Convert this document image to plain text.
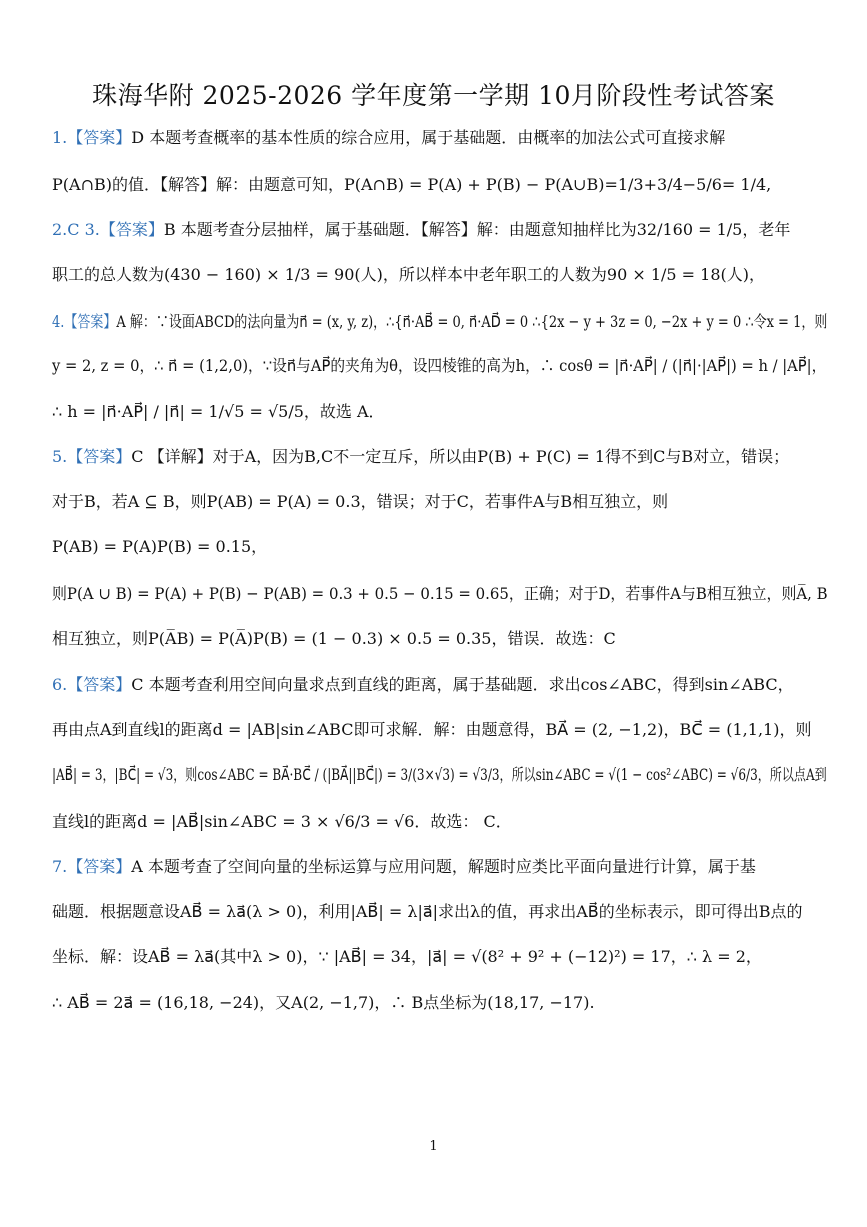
珠海华附 2025-2026 学年度第一学期 10月阶段性考试答案
1.【答案】D 本题考查概率的基本性质的综合应用，属于基础题．由概率的加法公式可直接求解
P(A∩B)的值．【解答】解：由题意可知，P(A∩B) = P(A) + P(B) − P(A∪B)=1/3+3/4−5/6= 1/4,
2.C 3.【答案】B 本题考查分层抽样，属于基础题．【解答】解：由题意知抽样比为32/160 = 1/5，老年
职工的总人数为(430 − 160) × 1/3 = 90(人)，所以样本中老年职工的人数为90 × 1/5 = 18(人)，
4.【答案】A 解：∵设面ABCD的法向量为n⃗ = (x, y, z)，∴{n⃗·AB⃗ = 0, n⃗·AD⃗ = 0 ∴{2x − y + 3z = 0, −2x + y = 0 ∴令x = 1，则
y = 2, z = 0，∴ n⃗ = (1,2,0)，∵设n⃗与AP⃗的夹角为θ，设四棱锥的高为h，∴ cosθ = |n⃗·AP⃗| / (|n⃗|·|AP⃗|) = h / |AP⃗|，
∴ h = |n⃗·AP⃗| / |n⃗| = 1/√5 = √5/5，故选 A．
5.【答案】C 【详解】对于A，因为B,C不一定互斥，所以由P(B) + P(C) = 1得不到C与B对立，错误；
对于B，若A ⊆ B，则P(AB) = P(A) = 0.3，错误；对于C，若事件A与B相互独立，则
P(AB) = P(A)P(B) = 0.15，
则P(A ∪ B) = P(A) + P(B) − P(AB) = 0.3 + 0.5 − 0.15 = 0.65，正确；对于D，若事件A与B相互独立，则A̅, B
相互独立，则P(A̅B) = P(A̅)P(B) = (1 − 0.3) × 0.5 = 0.35，错误．故选：C
6.【答案】C 本题考查利用空间向量求点到直线的距离，属于基础题．求出cos∠ABC，得到sin∠ABC，
再由点A到直线l的距离d = |AB|sin∠ABC即可求解．解：由题意得，BA⃗ = (2, −1,2)，BC⃗ = (1,1,1)，则
|AB⃗| = 3，|BC⃗| = √3，则cos∠ABC = BA⃗·BC⃗ / (|BA⃗||BC⃗|) = 3/(3×√3) = √3/3，所以sin∠ABC = √(1 − cos²∠ABC) = √6/3，所以点A到
直线l的距离d = |AB⃗|sin∠ABC = 3 × √6/3 = √6．故选： C．
7.【答案】A 本题考查了空间向量的坐标运算与应用问题，解题时应类比平面向量进行计算，属于基
础题．根据题意设AB⃗ = λa⃗(λ > 0)，利用|AB⃗| = λ|a⃗|求出λ的值，再求出AB⃗的坐标表示，即可得出B点的
坐标．解：设AB⃗ = λa⃗(其中λ > 0)，∵ |AB⃗| = 34，|a⃗| = √(8² + 9² + (−12)²) = 17，∴ λ = 2，
∴ AB⃗ = 2a⃗ = (16,18, −24)，又A(2, −1,7)，∴ B点坐标为(18,17, −17).
1
